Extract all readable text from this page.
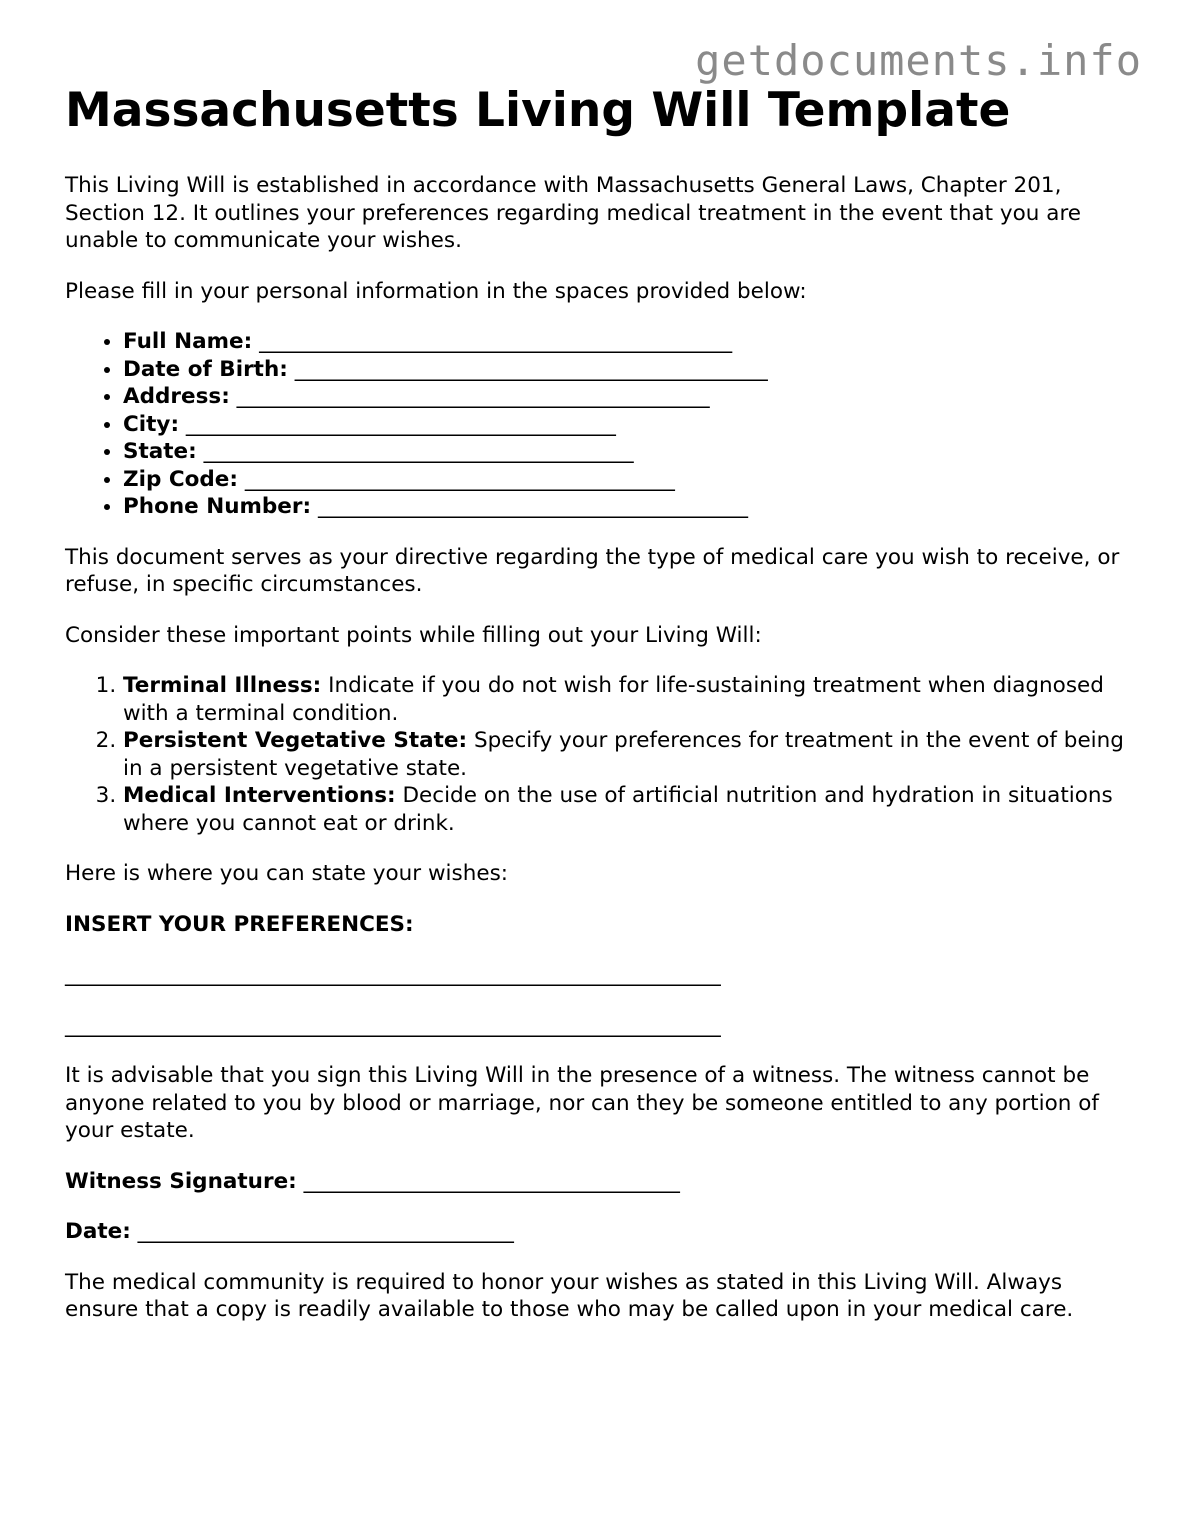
getdocuments.info
Massachusetts Living Will Template

This Living Will is established in accordance with Massachusetts General Laws, Chapter 201, Section 12. It outlines your preferences regarding medical treatment in the event that you are unable to communicate your wishes.

Please fill in your personal information in the spaces provided below:

• Full Name: ____________________________________________
• Date of Birth: ____________________________________________
• Address: ____________________________________________
• City: ________________________________________
• State: ________________________________________
• Zip Code: ________________________________________
• Phone Number: ________________________________________

This document serves as your directive regarding the type of medical care you wish to receive, or refuse, in specific circumstances.

Consider these important points while filling out your Living Will:

1. Terminal Illness: Indicate if you do not wish for life-sustaining treatment when diagnosed with a terminal condition.
2. Persistent Vegetative State: Specify your preferences for treatment in the event of being in a persistent vegetative state.
3. Medical Interventions: Decide on the use of artificial nutrition and hydration in situations where you cannot eat or drink.

Here is where you can state your wishes:

INSERT YOUR PREFERENCES:

_____________________________________________________________
_____________________________________________________________

It is advisable that you sign this Living Will in the presence of a witness. The witness cannot be anyone related to you by blood or marriage, nor can they be someone entitled to any portion of your estate.

Witness Signature: ___________________________________

Date: ___________________________________

The medical community is required to honor your wishes as stated in this Living Will. Always ensure that a copy is readily available to those who may be called upon in your medical care.
